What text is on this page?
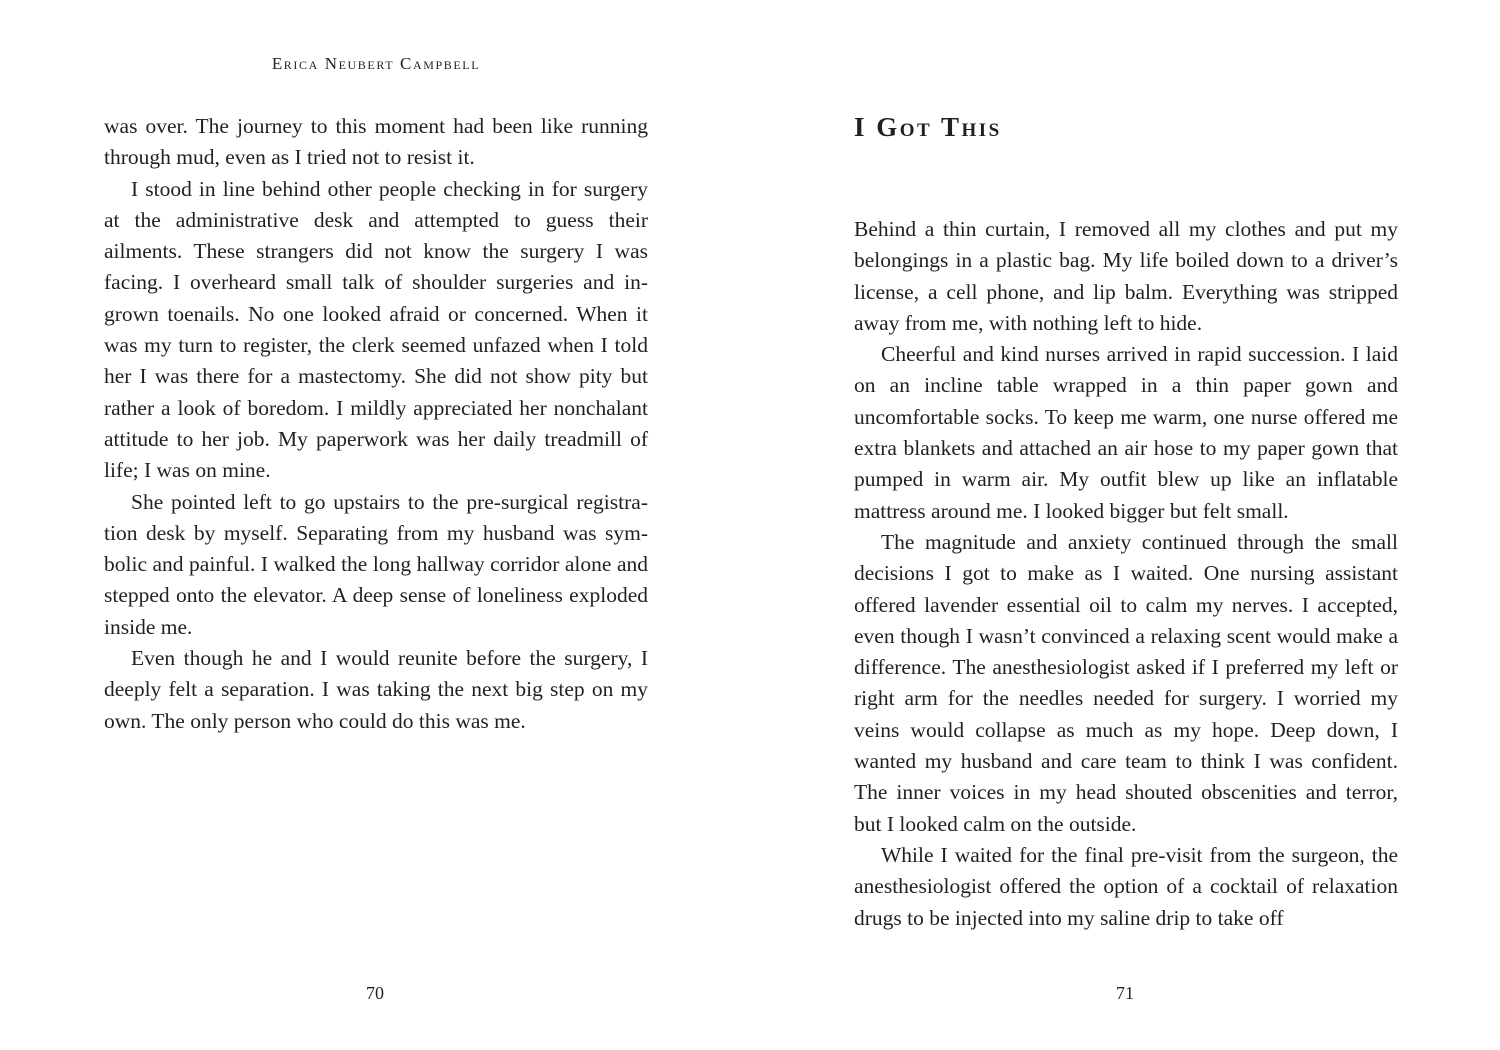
Erica Neubert Campbell

was over. The journey to this moment had been like running through mud, even as I tried not to resist it.

I stood in line behind other people checking in for surgery at the administrative desk and attempted to guess their ailments. These strangers did not know the surgery I was facing. I overheard small talk of shoulder surgeries and ingrown toenails. No one looked afraid or concerned. When it was my turn to register, the clerk seemed unfazed when I told her I was there for a mastectomy. She did not show pity but rather a look of boredom. I mildly appreciated her nonchalant attitude to her job. My paperwork was her daily treadmill of life; I was on mine.

She pointed left to go upstairs to the pre-surgical registration desk by myself. Separating from my husband was symbolic and painful. I walked the long hallway corridor alone and stepped onto the elevator. A deep sense of loneliness exploded inside me.

Even though he and I would reunite before the surgery, I deeply felt a separation. I was taking the next big step on my own. The only person who could do this was me.

70
I Got This

Behind a thin curtain, I removed all my clothes and put my belongings in a plastic bag. My life boiled down to a driver’s license, a cell phone, and lip balm. Everything was stripped away from me, with nothing left to hide.

Cheerful and kind nurses arrived in rapid succession. I laid on an incline table wrapped in a thin paper gown and uncomfortable socks. To keep me warm, one nurse offered me extra blankets and attached an air hose to my paper gown that pumped in warm air. My outfit blew up like an inflatable mattress around me. I looked bigger but felt small.

The magnitude and anxiety continued through the small decisions I got to make as I waited. One nursing assistant offered lavender essential oil to calm my nerves. I accepted, even though I wasn’t convinced a relaxing scent would make a difference. The anesthesiologist asked if I preferred my left or right arm for the needles needed for surgery. I worried my veins would collapse as much as my hope. Deep down, I wanted my husband and care team to think I was confident. The inner voices in my head shouted obscenities and terror, but I looked calm on the outside.

While I waited for the final pre-visit from the surgeon, the anesthesiologist offered the option of a cocktail of relaxation drugs to be injected into my saline drip to take off

71
